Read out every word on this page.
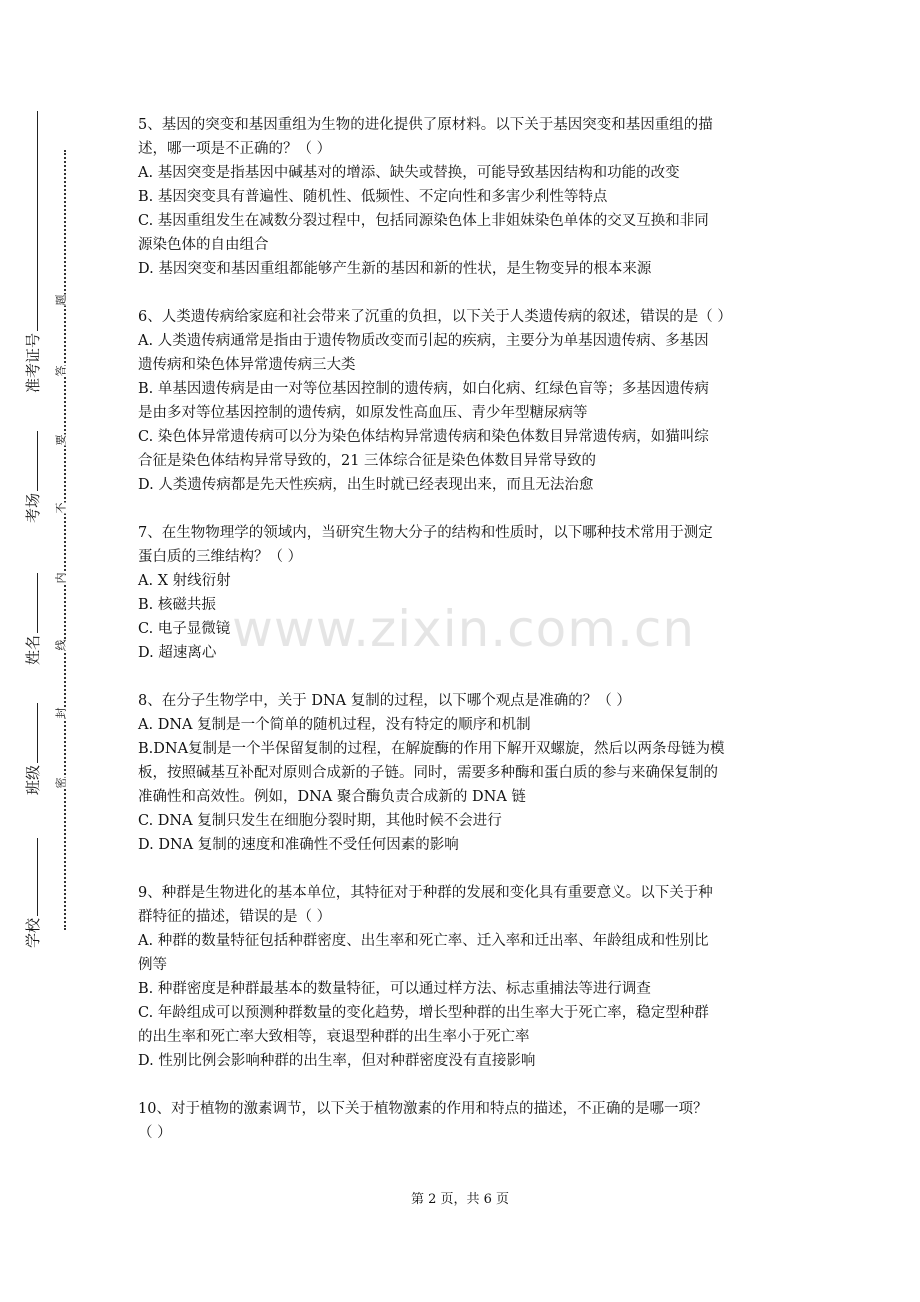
学校
班级
姓名
考场
准考证号
密
封
线
内
不
要
答
题

5、基因的突变和基因重组为生物的进化提供了原材料。以下关于基因突变和基因重组的描

述，哪一项是不正确的？（ ）

A. 基因突变是指基因中碱基对的增添、缺失或替换，可能导致基因结构和功能的改变

B. 基因突变具有普遍性、随机性、低频性、不定向性和多害少利性等特点

C. 基因重组发生在减数分裂过程中，包括同源染色体上非姐妹染色单体的交叉互换和非同

源染色体的自由组合

D. 基因突变和基因重组都能够产生新的基因和新的性状，是生物变异的根本来源

6、人类遗传病给家庭和社会带来了沉重的负担，以下关于人类遗传病的叙述，错误的是（ ）

A. 人类遗传病通常是指由于遗传物质改变而引起的疾病，主要分为单基因遗传病、多基因

遗传病和染色体异常遗传病三大类

B. 单基因遗传病是由一对等位基因控制的遗传病，如白化病、红绿色盲等；多基因遗传病

是由多对等位基因控制的遗传病，如原发性高血压、青少年型糖尿病等

C. 染色体异常遗传病可以分为染色体结构异常遗传病和染色体数目异常遗传病，如猫叫综

合征是染色体结构异常导致的，21 三体综合征是染色体数目异常导致的

D. 人类遗传病都是先天性疾病，出生时就已经表现出来，而且无法治愈

7、在生物物理学的领域内，当研究生物大分子的结构和性质时，以下哪种技术常用于测定

蛋白质的三维结构？（ ）

A. X 射线衍射

B. 核磁共振

C. 电子显微镜

D. 超速离心

8、在分子生物学中，关于 DNA 复制的过程，以下哪个观点是准确的？（ ）

A. DNA 复制是一个简单的随机过程，没有特定的顺序和机制

B.DNA复制是一个半保留复制的过程，在解旋酶的作用下解开双螺旋，然后以两条母链为模

板，按照碱基互补配对原则合成新的子链。同时，需要多种酶和蛋白质的参与来确保复制的

准确性和高效性。例如，DNA 聚合酶负责合成新的 DNA 链

C. DNA 复制只发生在细胞分裂时期，其他时候不会进行

D. DNA 复制的速度和准确性不受任何因素的影响

9、种群是生物进化的基本单位，其特征对于种群的发展和变化具有重要意义。以下关于种

群特征的描述，错误的是（ ）

A. 种群的数量特征包括种群密度、出生率和死亡率、迁入率和迁出率、年龄组成和性别比

例等

B. 种群密度是种群最基本的数量特征，可以通过样方法、标志重捕法等进行调查

C. 年龄组成可以预测种群数量的变化趋势，增长型种群的出生率大于死亡率，稳定型种群

的出生率和死亡率大致相等，衰退型种群的出生率小于死亡率

D. 性别比例会影响种群的出生率，但对种群密度没有直接影响

10、对于植物的激素调节，以下关于植物激素的作用和特点的描述，不正确的是哪一项？

（ ）

www.zixin.com.cn
第 2 页，共 6 页
